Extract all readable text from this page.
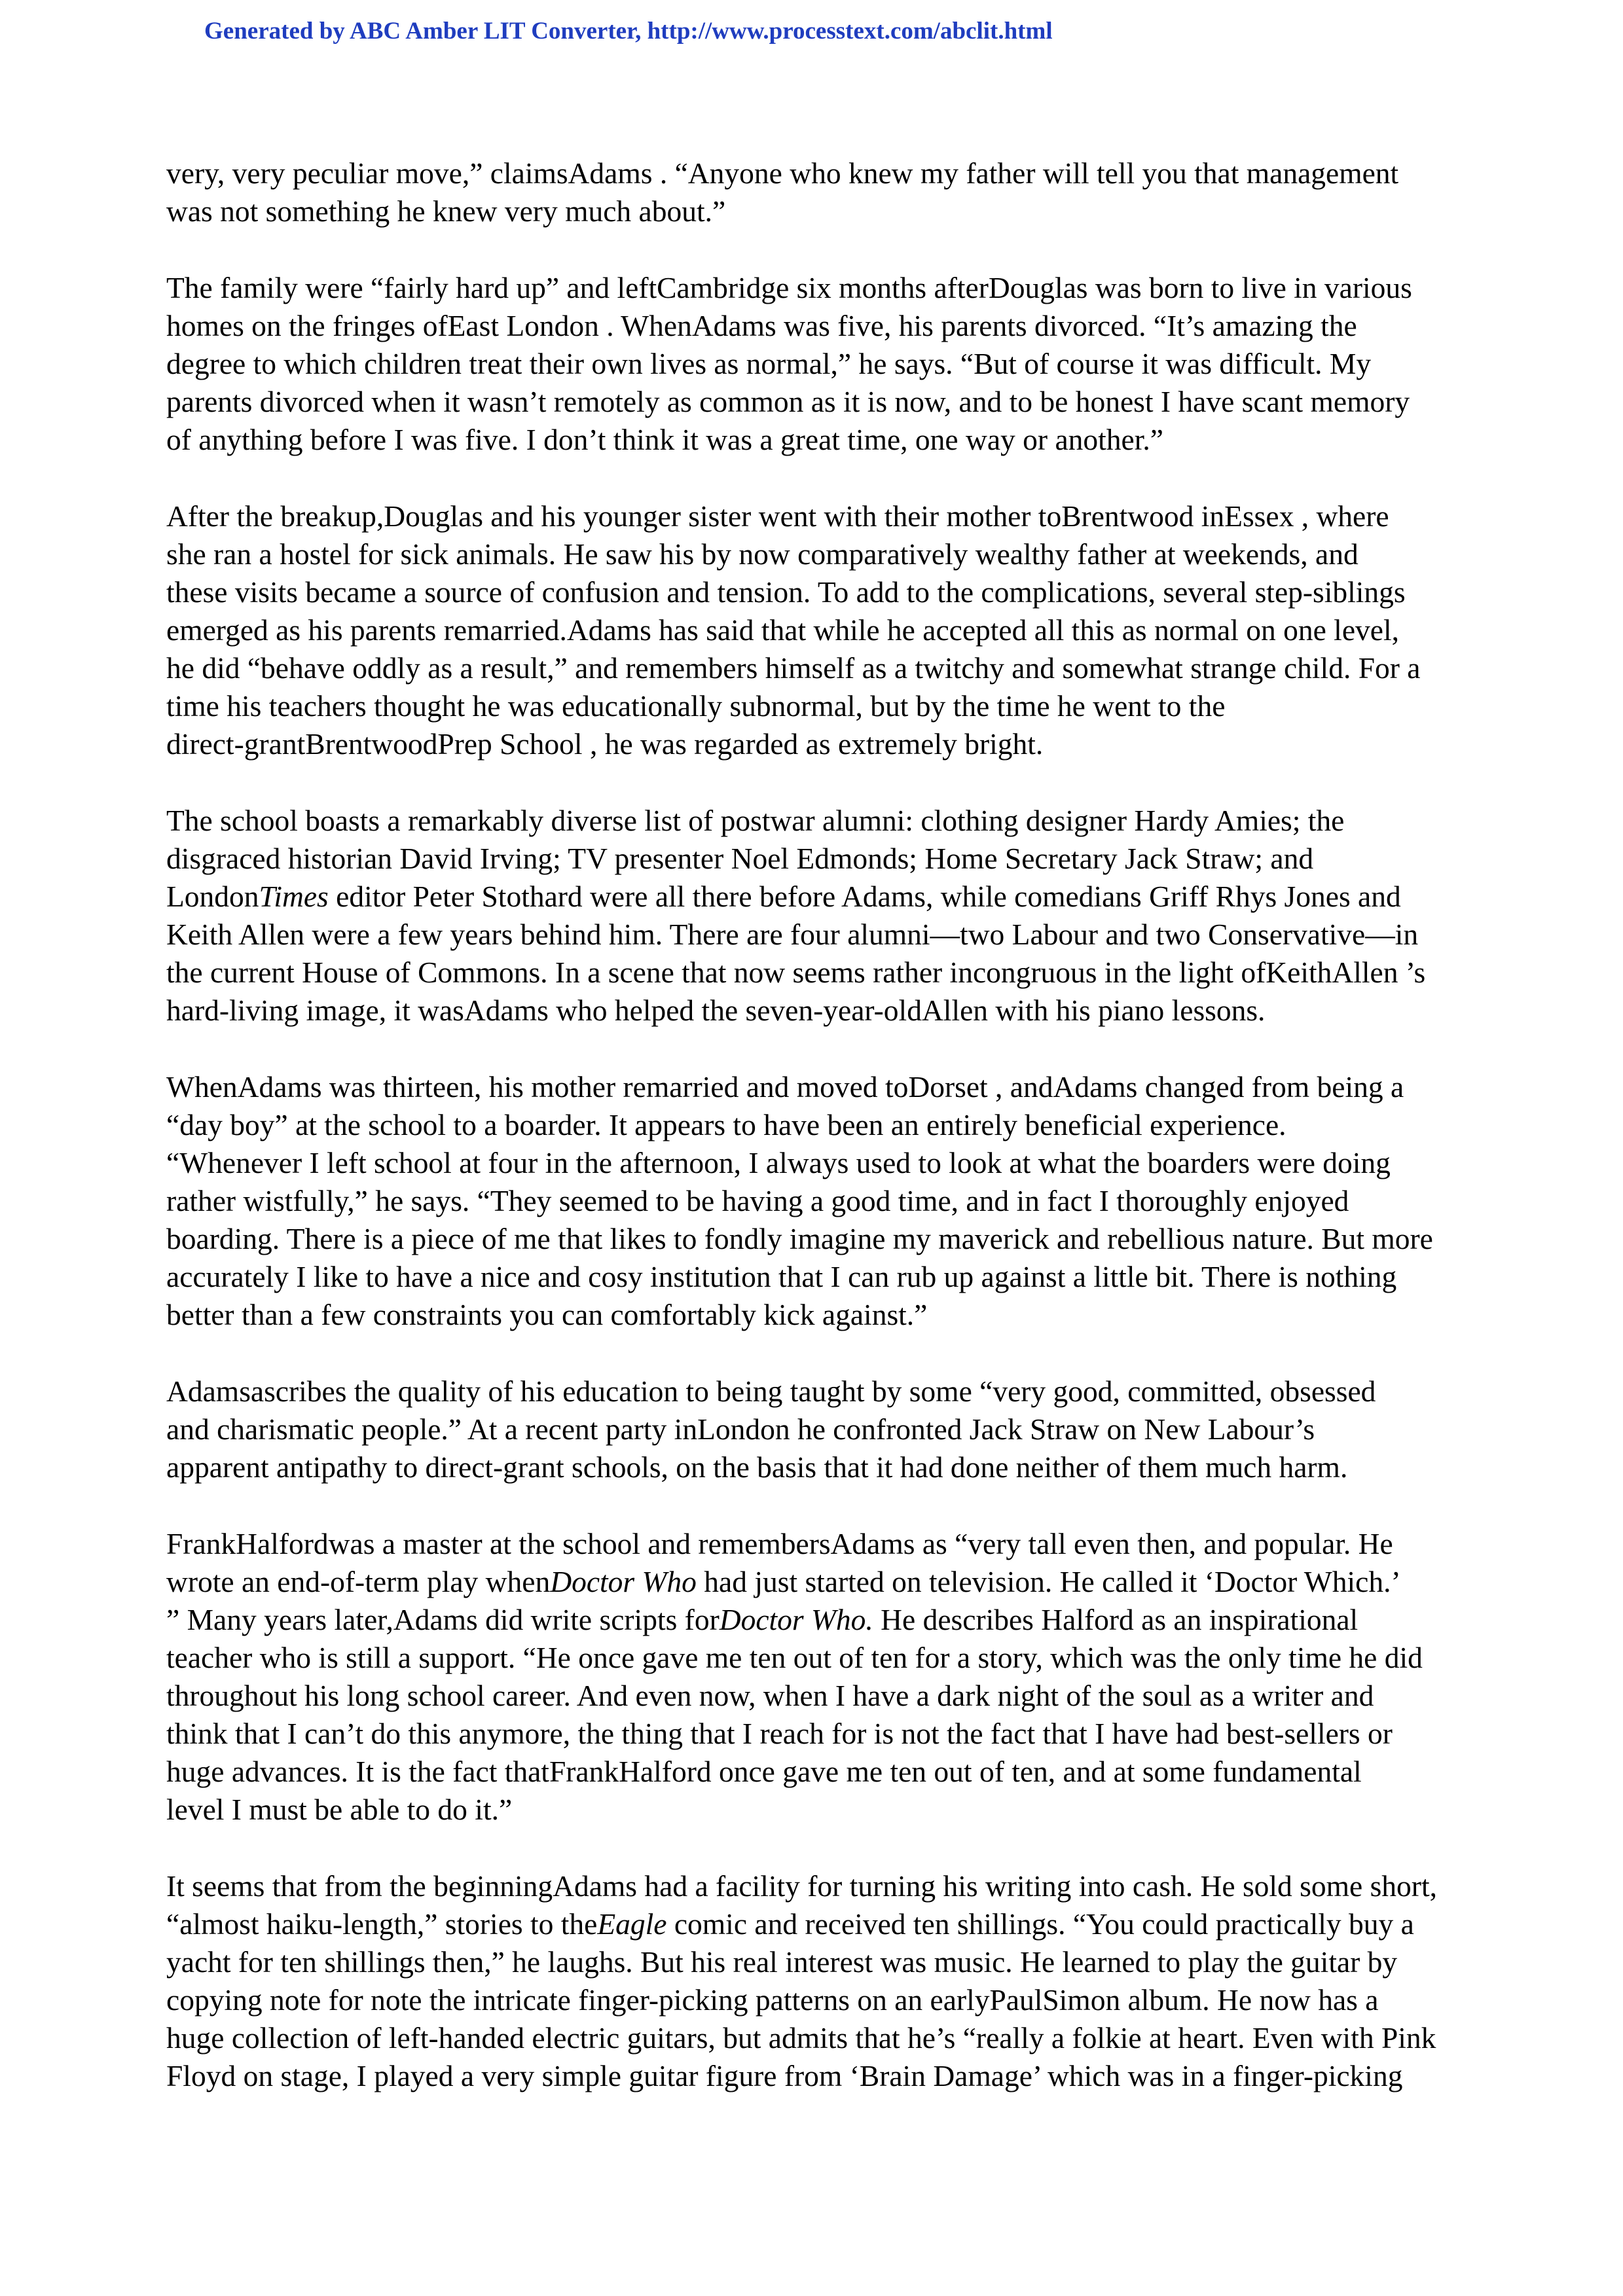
Generated by ABC Amber LIT Converter, http://www.processtext.com/abclit.html
very, very peculiar move,” claimsAdams . “Anyone who knew my father will tell you that management
was not something he knew very much about.”
The family were “fairly hard up” and leftCambridge six months afterDouglas was born to live in various
homes on the fringes ofEast London . WhenAdams was five, his parents divorced. “It’s amazing the
degree to which children treat their own lives as normal,” he says. “But of course it was difficult. My
parents divorced when it wasn’t remotely as common as it is now, and to be honest I have scant memory
of anything before I was five. I don’t think it was a great time, one way or another.”
After the breakup,Douglas and his younger sister went with their mother toBrentwood inEssex , where
she ran a hostel for sick animals. He saw his by now comparatively wealthy father at weekends, and
these visits became a source of confusion and tension. To add to the complications, several step-siblings
emerged as his parents remarried.Adams has said that while he accepted all this as normal on one level,
he did “behave oddly as a result,” and remembers himself as a twitchy and somewhat strange child. For a
time his teachers thought he was educationally subnormal, but by the time he went to the
direct-grantBrentwoodPrep School , he was regarded as extremely bright.
The school boasts a remarkably diverse list of postwar alumni: clothing designer Hardy Amies; the
disgraced historian David Irving; TV presenter Noel Edmonds; Home Secretary Jack Straw; and
LondonTimes editor Peter Stothard were all there before Adams, while comedians Griff Rhys Jones and
Keith Allen were a few years behind him. There are four alumni—two Labour and two Conservative—in
the current House of Commons. In a scene that now seems rather incongruous in the light ofKeithAllen ’s
hard-living image, it wasAdams who helped the seven-year-oldAllen with his piano lessons.
WhenAdams was thirteen, his mother remarried and moved toDorset , andAdams changed from being a
“day boy” at the school to a boarder. It appears to have been an entirely beneficial experience.
“Whenever I left school at four in the afternoon, I always used to look at what the boarders were doing
rather wistfully,” he says. “They seemed to be having a good time, and in fact I thoroughly enjoyed
boarding. There is a piece of me that likes to fondly imagine my maverick and rebellious nature. But more
accurately I like to have a nice and cosy institution that I can rub up against a little bit. There is nothing
better than a few constraints you can comfortably kick against.”
Adamsascribes the quality of his education to being taught by some “very good, committed, obsessed
and charismatic people.” At a recent party inLondon he confronted Jack Straw on New Labour’s
apparent antipathy to direct-grant schools, on the basis that it had done neither of them much harm.
FrankHalfordwas a master at the school and remembersAdams as “very tall even then, and popular. He
wrote an end-of-term play whenDoctor Who had just started on television. He called it ‘Doctor Which.’
” Many years later,Adams did write scripts forDoctor Who. He describes Halford as an inspirational
teacher who is still a support. “He once gave me ten out of ten for a story, which was the only time he did
throughout his long school career. And even now, when I have a dark night of the soul as a writer and
think that I can’t do this anymore, the thing that I reach for is not the fact that I have had best-sellers or
huge advances. It is the fact thatFrankHalford once gave me ten out of ten, and at some fundamental
level I must be able to do it.”
It seems that from the beginningAdams had a facility for turning his writing into cash. He sold some short,
“almost haiku-length,” stories to theEagle comic and received ten shillings. “You could practically buy a
yacht for ten shillings then,” he laughs. But his real interest was music. He learned to play the guitar by
copying note for note the intricate finger-picking patterns on an earlyPaulSimon album. He now has a
huge collection of left-handed electric guitars, but admits that he’s “really a folkie at heart. Even with Pink
Floyd on stage, I played a very simple guitar figure from ‘Brain Damage’ which was in a finger-picking
